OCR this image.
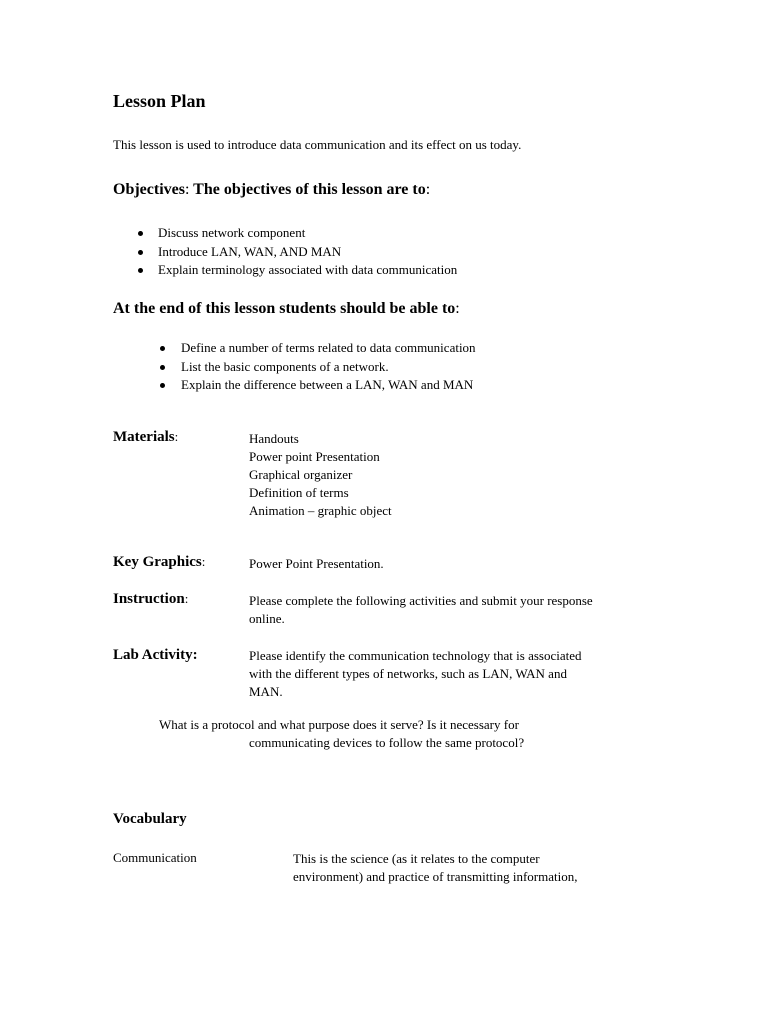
Lesson Plan
This lesson is used to introduce data communication and its effect on us today.
Objectives: The objectives of this lesson are to:
Discuss network component
Introduce LAN, WAN, AND MAN
Explain terminology associated with data communication
At the end of this lesson students should be able to:
Define a number of terms related to data communication
List the basic components of a network.
Explain the difference between a LAN, WAN and MAN
Materials:	Handouts
Power point Presentation
Graphical organizer
Definition of terms
Animation – graphic object
Key Graphics:	Power Point Presentation.
Instruction:	Please complete the following activities and submit your response
online.
Lab Activity:	Please identify the communication technology that is associated
with the different types of networks, such as LAN, WAN and
MAN.
What is a protocol and what purpose does it serve? Is it necessary for
communicating devices to follow the same protocol?
Vocabulary
Communication	This is the science (as it relates to the computer
environment) and practice of transmitting information,
